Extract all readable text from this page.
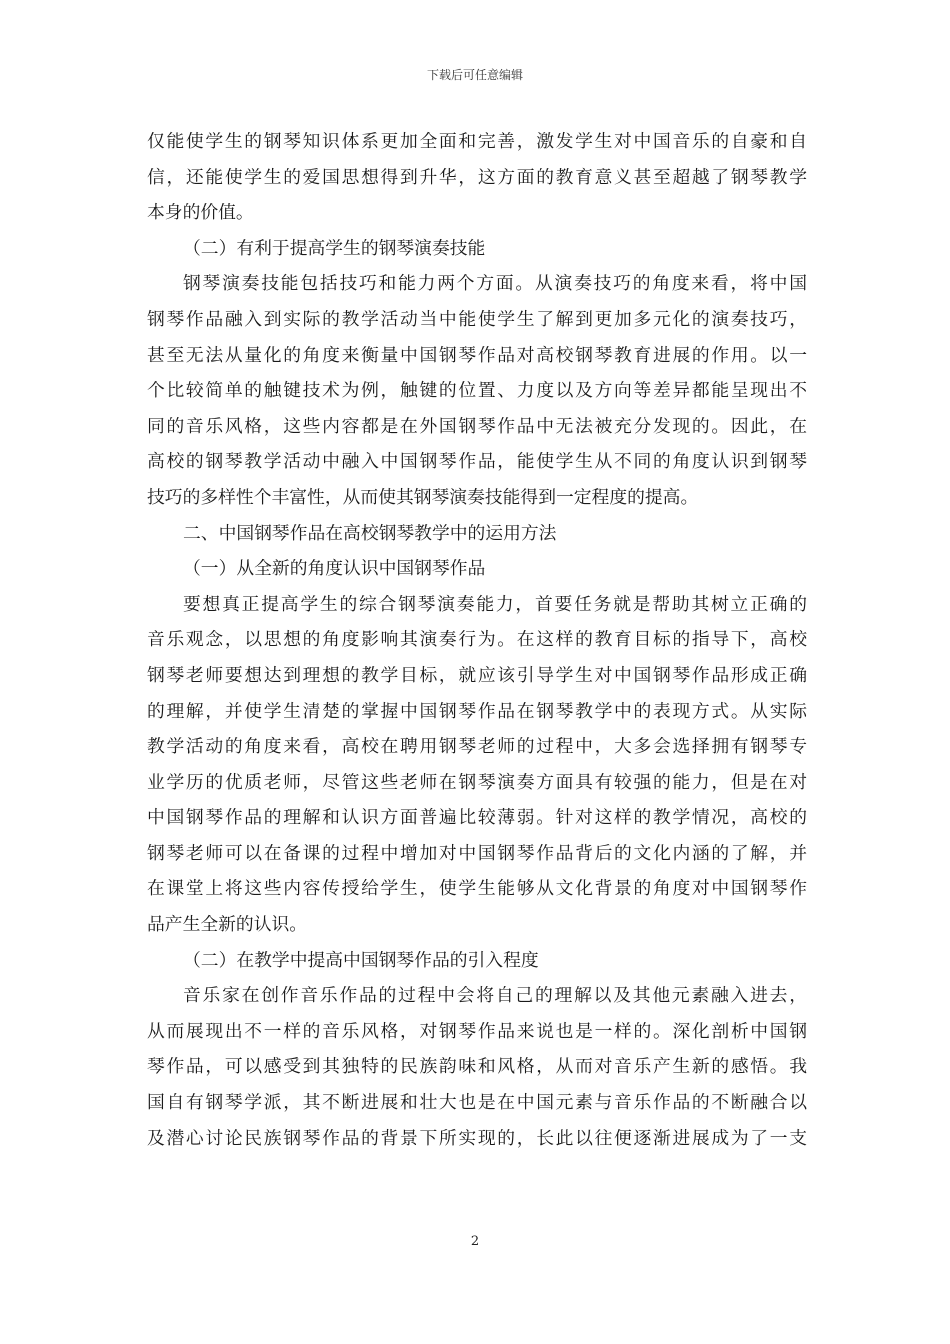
下载后可任意编辑
仅能使学生的钢琴知识体系更加全面和完善，激发学生对中国音乐的自豪和自
信，还能使学生的爱国思想得到升华，这方面的教育意义甚至超越了钢琴教学
本身的价值。
（二）有利于提高学生的钢琴演奏技能
钢琴演奏技能包括技巧和能力两个方面。从演奏技巧的角度来看，将中国
钢琴作品融入到实际的教学活动当中能使学生了解到更加多元化的演奏技巧，
甚至无法从量化的角度来衡量中国钢琴作品对高校钢琴教育进展的作用。以一
个比较简单的触键技术为例，触键的位置、力度以及方向等差异都能呈现出不
同的音乐风格，这些内容都是在外国钢琴作品中无法被充分发现的。因此，在
高校的钢琴教学活动中融入中国钢琴作品，能使学生从不同的角度认识到钢琴
技巧的多样性个丰富性，从而使其钢琴演奏技能得到一定程度的提高。
二、中国钢琴作品在高校钢琴教学中的运用方法
（一）从全新的角度认识中国钢琴作品
要想真正提高学生的综合钢琴演奏能力，首要任务就是帮助其树立正确的
音乐观念，以思想的角度影响其演奏行为。在这样的教育目标的指导下，高校
钢琴老师要想达到理想的教学目标，就应该引导学生对中国钢琴作品形成正确
的理解，并使学生清楚的掌握中国钢琴作品在钢琴教学中的表现方式。从实际
教学活动的角度来看，高校在聘用钢琴老师的过程中，大多会选择拥有钢琴专
业学历的优质老师，尽管这些老师在钢琴演奏方面具有较强的能力，但是在对
中国钢琴作品的理解和认识方面普遍比较薄弱。针对这样的教学情况，高校的
钢琴老师可以在备课的过程中增加对中国钢琴作品背后的文化内涵的了解，并
在课堂上将这些内容传授给学生，使学生能够从文化背景的角度对中国钢琴作
品产生全新的认识。
（二）在教学中提高中国钢琴作品的引入程度
音乐家在创作音乐作品的过程中会将自己的理解以及其他元素融入进去，
从而展现出不一样的音乐风格，对钢琴作品来说也是一样的。深化剖析中国钢
琴作品，可以感受到其独特的民族韵味和风格，从而对音乐产生新的感悟。我
国自有钢琴学派，其不断进展和壮大也是在中国元素与音乐作品的不断融合以
及潜心讨论民族钢琴作品的背景下所实现的，长此以往便逐渐进展成为了一支
2
